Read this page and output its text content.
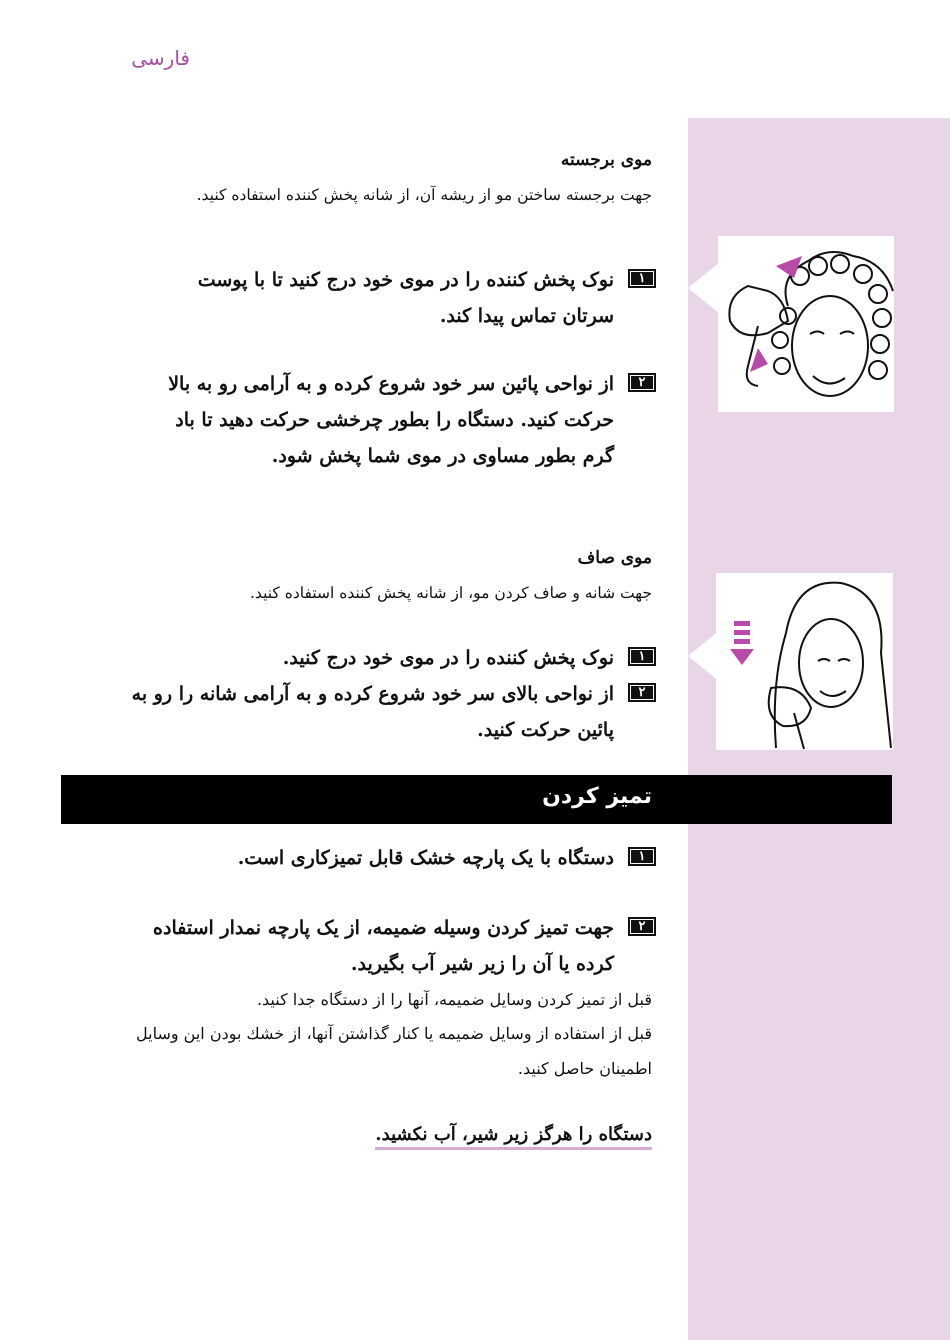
فارسی
موی برجسته
جهت برجسته ساختن مو از ریشه آن، از شانه پخش کننده استفاده کنید.
۱
نوک پخش کننده را در موی خود درج کنید تا با پوست سرتان تماس پیدا کند.
۲
از نواحی پائین سر خود شروع کرده و به آرامی رو به بالا حرکت کنید. دستگاه را بطور چرخشی حرکت دهید تا باد گرم بطور مساوی در موی شما پخش شود.
موی صاف
جهت شانه و صاف کردن مو، از شانه پخش کننده استفاده کنید.
۱
نوک پخش کننده را در موی خود درج کنید.
۲
از نواحی بالای سر خود شروع کرده و به آرامی شانه را رو به پائین حرکت کنید.
تمیز کردن
۱
دستگاه با یک پارچه خشک قابل تمیزکاری است.
۲
جهت تمیز کردن وسیله ضمیمه، از یک پارچه نمدار استفاده کرده یا آن را زیر شیر آب بگیرید.
قبل از تمیز کردن وسایل ضمیمه، آنها را از دستگاه جدا کنید.
قبل از استفاده از وسایل ضمیمه یا کنار گذاشتن آنها، از خشك بودن این وسایل اطمینان حاصل کنید.
دستگاه را هرگز زیر شیر، آب نکشید.
